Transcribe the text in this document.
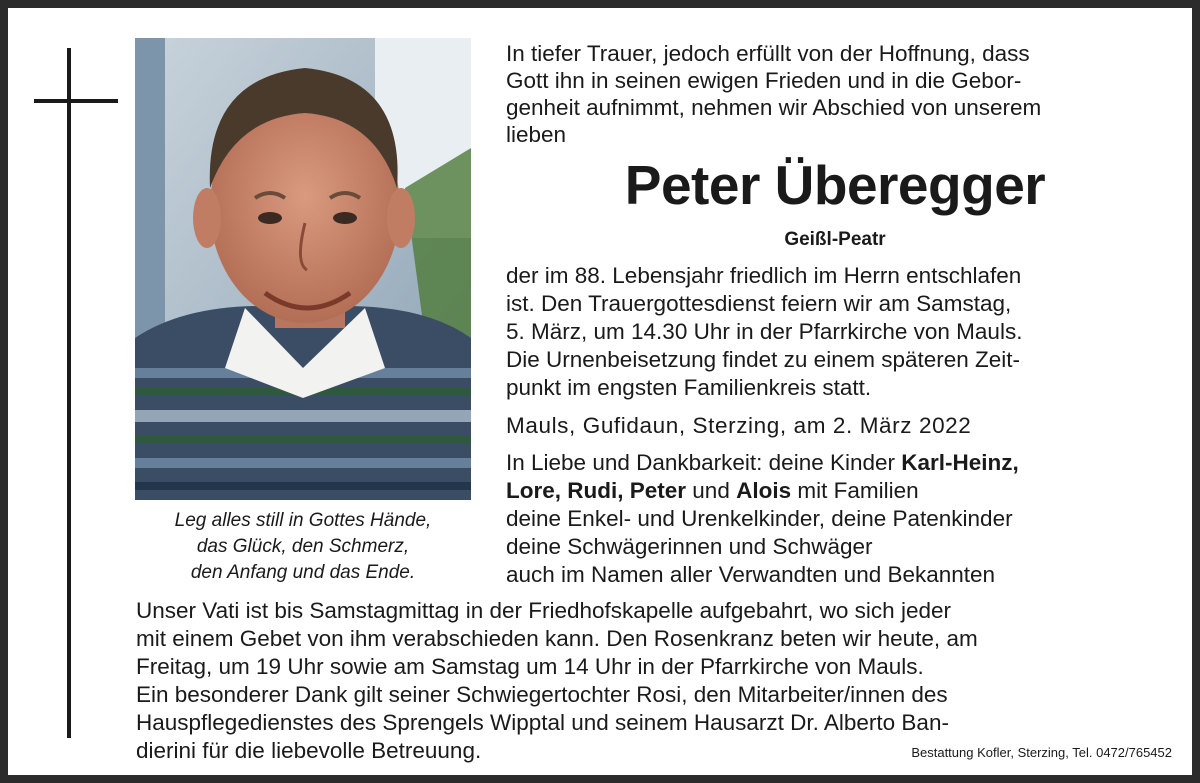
Leg alles still in Gottes Hände,
das Glück, den Schmerz,
den Anfang und das Ende.
In tiefer Trauer, jedoch erfüllt von der Hoffnung, dass
Gott ihn in seinen ewigen Frieden und in die Gebor-
genheit aufnimmt, nehmen wir Abschied von unserem
lieben
Peter Überegger
Geißl-Peatr
der im 88. Lebensjahr friedlich im Herrn entschlafen
ist. Den Trauergottesdienst feiern wir am Samstag,
5. März, um 14.30 Uhr in der Pfarrkirche von Mauls.
Die Urnenbeisetzung findet zu einem späteren Zeit-
punkt im engsten Familienkreis statt.
Mauls, Gufidaun, Sterzing, am 2. März 2022
In Liebe und Dankbarkeit: deine Kinder Karl-Heinz,
Lore, Rudi, Peter und Alois mit Familien
deine Enkel- und Urenkelkinder, deine Patenkinder
deine Schwägerinnen und Schwäger
auch im Namen aller Verwandten und Bekannten
Unser Vati ist bis Samstagmittag in der Friedhofskapelle aufgebahrt, wo sich jeder
mit einem Gebet von ihm verabschieden kann. Den Rosenkranz beten wir heute, am
Freitag, um 19 Uhr sowie am Samstag um 14 Uhr in der Pfarrkirche von Mauls.
Ein besonderer Dank gilt seiner Schwiegertochter Rosi, den Mitarbeiter/innen des
Hauspflegedienstes des Sprengels Wipptal und seinem Hausarzt Dr. Alberto Ban-
dierini für die liebevolle Betreuung.	Bestattung Kofler, Sterzing, Tel. 0472/765452
